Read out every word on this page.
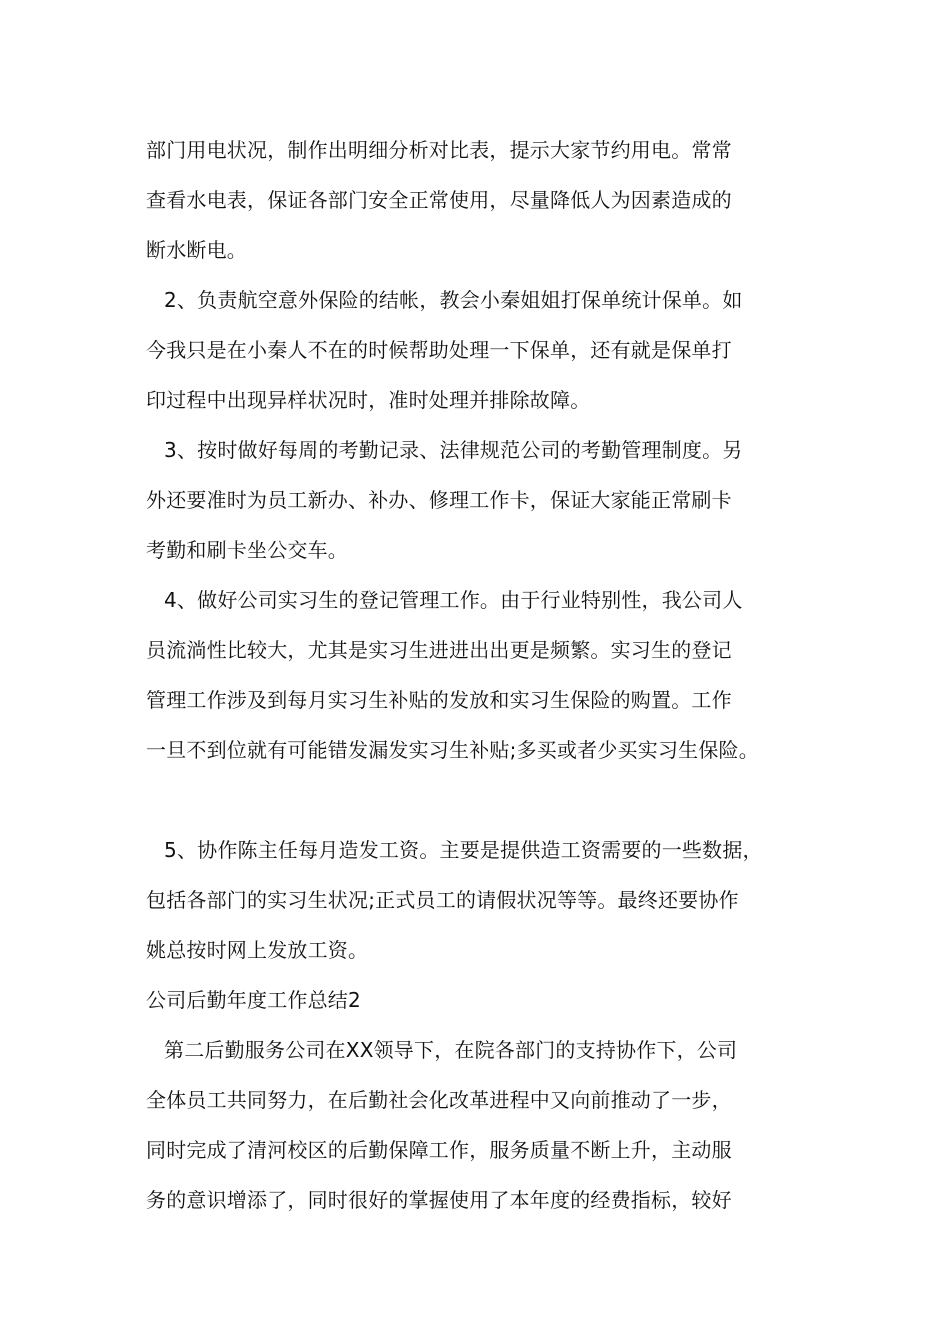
部门用电状况，制作出明细分析对比表，提示大家节约用电。常常
查看水电表，保证各部门安全正常使用，尽量降低人为因素造成的
断水断电。
2、负责航空意外保险的结帐，教会小秦姐姐打保单统计保单。如
今我只是在小秦人不在的时候帮助处理一下保单，还有就是保单打
印过程中出现异样状况时，准时处理并排除故障。
3、按时做好每周的考勤记录、法律规范公司的考勤管理制度。另
外还要准时为员工新办、补办、修理工作卡，保证大家能正常刷卡
考勤和刷卡坐公交车。
4、做好公司实习生的登记管理工作。由于行业特别性，我公司人
员流淌性比较大，尤其是实习生进进出出更是频繁。实习生的登记
管理工作涉及到每月实习生补贴的发放和实习生保险的购置。工作
一旦不到位就有可能错发漏发实习生补贴;多买或者少买实习生保险。
5、协作陈主任每月造发工资。主要是提供造工资需要的一些数据，
包括各部门的实习生状况;正式员工的请假状况等等。最终还要协作
姚总按时网上发放工资。
公司后勤年度工作总结2
第二后勤服务公司在XX领导下，在院各部门的支持协作下，公司
全体员工共同努力，在后勤社会化改革进程中又向前推动了一步，
同时完成了清河校区的后勤保障工作，服务质量不断上升，主动服
务的意识增添了，同时很好的掌握使用了本年度的经费指标，较好
